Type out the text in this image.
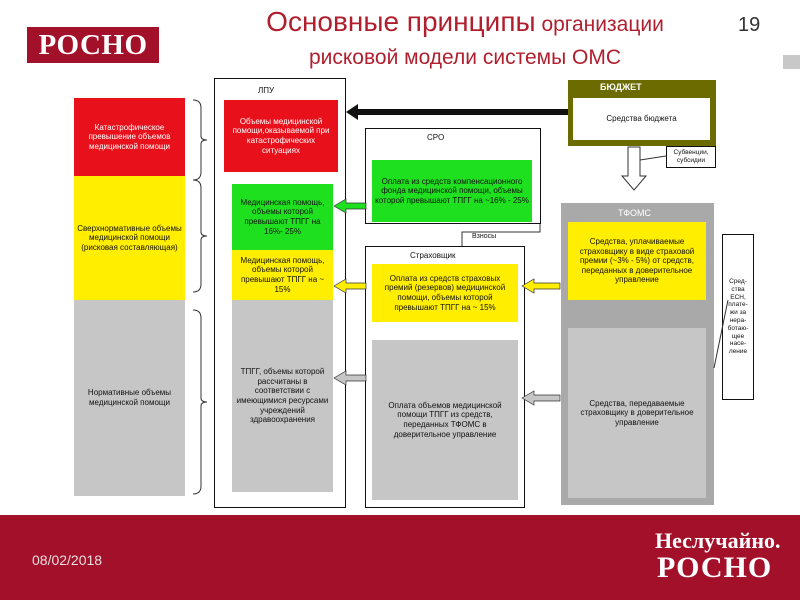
РОСНО
Основные принципы организации
рисковой модели системы ОМС
19
Катастрофическое превышение объемов медицинской помощи
Сверхнормативные объемы медицинской помощи (рисковая составляющая)
Нормативные объемы медицинской помощи
ЛПУ
Объемы медицинской помощи,оказываемой при катастрофических ситуациях
Медицинская помощь, объемы которой превышают ТПГГ на 16%- 25%
Медицинская помощь, объемы которой превышают ТПГГ на ~ 15%
ТПГГ, объемы которой рассчитаны в соответствии с имеющимися ресурсами учреждений здравоохранения
СРО
Оплата из средств компенсационного фонда медицинской помощи, объемы которой превышают ТПГГ на ~16% - 25%
Взносы
Страховщик
Оплата из средств страховых премий (резервов) медицинской помощи, объемы которой превышают ТПГГ на ~ 15%
Оплата объемов медицинской помощи ТПГГ из средств, переданных ТФОМС в доверительное управление
БЮДЖЕТ
Средства бюджета
Субвенции, субсидии
ТФОМС
Средства, уплачиваемые страховщику в виде страховой премии (~3% - 5%) от средств, переданных в доверительное управление
Средства, передаваемые страховщику в доверительное управление
Сред-ства ЕСН, плате-жи за нера-ботаю-щее насе-ление
08/02/2018
Неслучайно.
РОСНО
